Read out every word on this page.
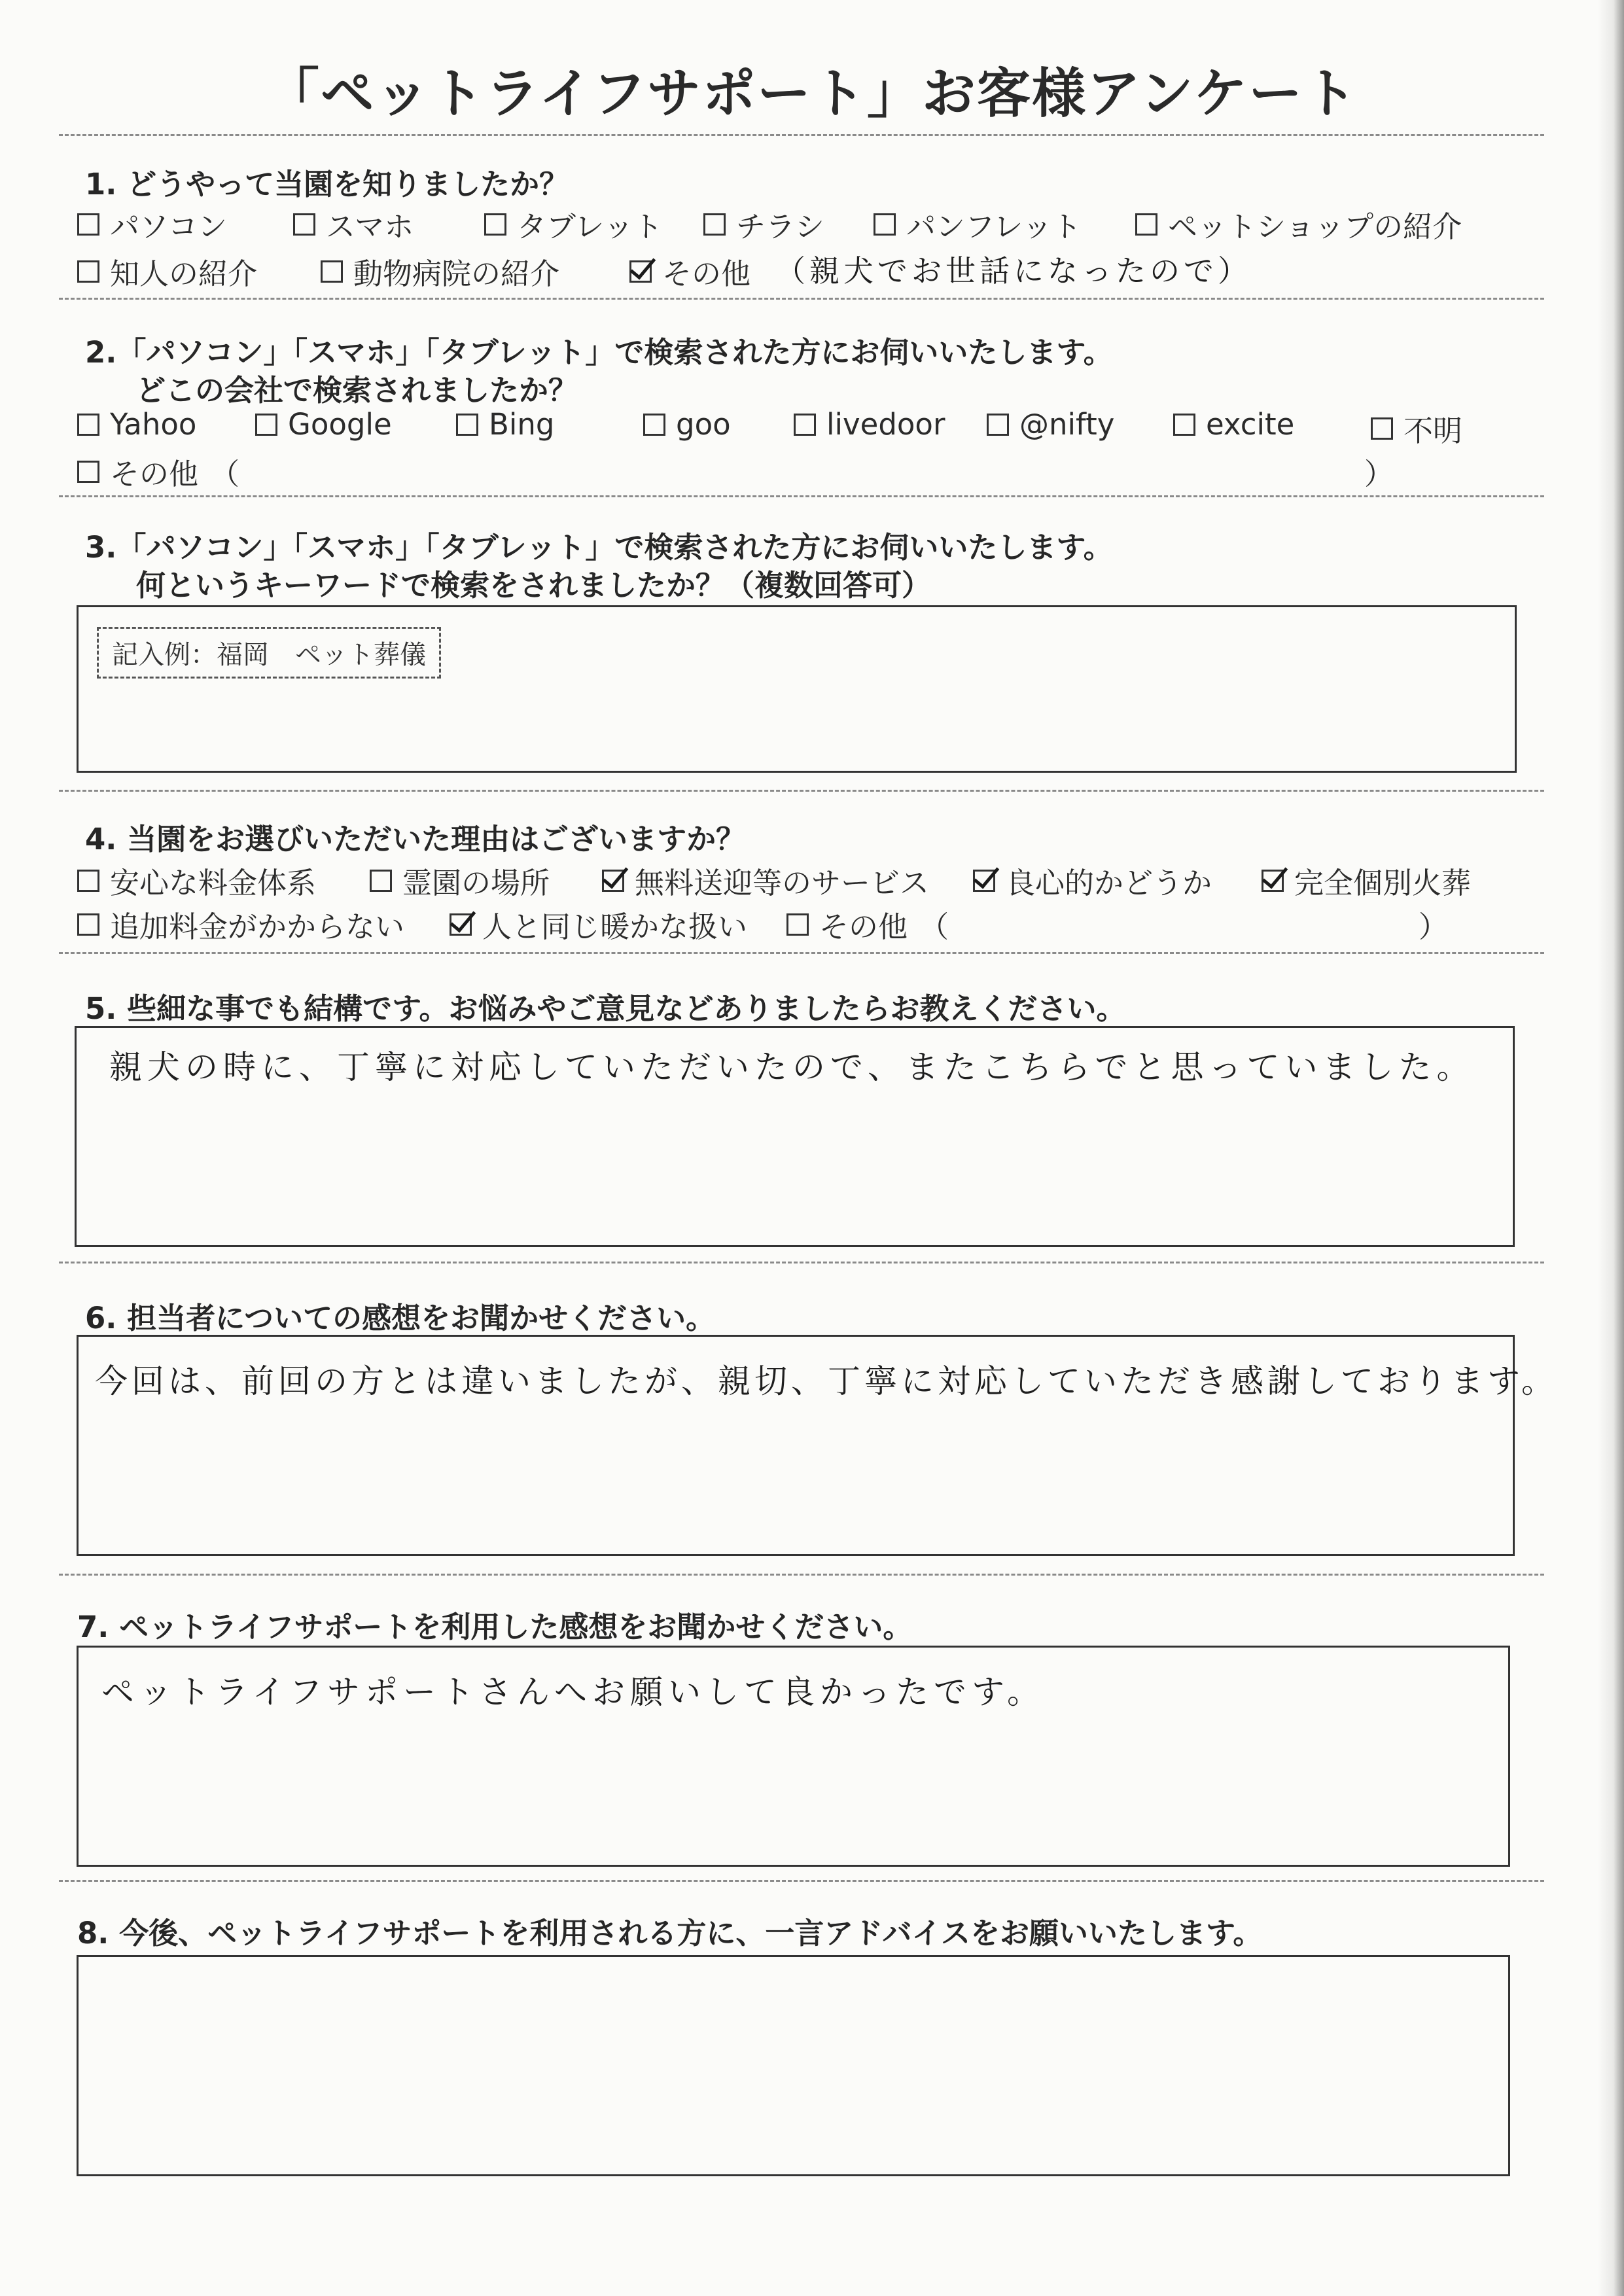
「ペットライフサポート」お客様アンケート
1. どうやって当園を知りましたか？
パソコン	スマホ	タブレット チラシ	パンフレット	ペットショップの紹介
知人の紹介	動物病院の紹介	その他 （親犬でお世話になったので）
2.「パソコン」「スマホ」「タブレット」で検索された方にお伺いいたします。
どこの会社で検索されましたか？
Yahoo	Google	Bing	goo	livedoor	@nifty	excite	不明
その他 （	）
3.「パソコン」「スマホ」「タブレット」で検索された方にお伺いいたします。
何というキーワードで検索をされましたか？（複数回答可）
記入例：福岡　ペット葬儀
4. 当園をお選びいただいた理由はございますか？
安心な料金体系	霊園の場所	無料送迎等のサービス	良心的かどうか	完全個別火葬
追加料金がかからない	人と同じ暖かな扱い その他 （	）
5. 些細な事でも結構です。お悩みやご意見などありましたらお教えください。
親犬の時に、丁寧に対応していただいたので、またこちらでと思っていました。
6. 担当者についての感想をお聞かせください。
今回は、前回の方とは違いましたが、親切、丁寧に対応していただき感謝しております。
7. ペットライフサポートを利用した感想をお聞かせください。
ペットライフサポートさんへお願いして良かったです。
8. 今後、ペットライフサポートを利用される方に、一言アドバイスをお願いいたします。
